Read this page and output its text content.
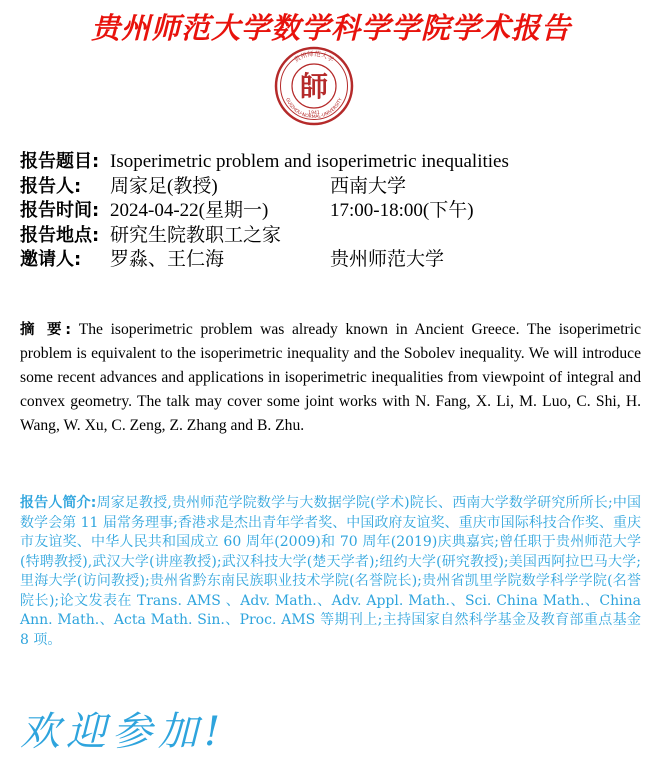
贵州师范大学数学科学学院学术报告
贵州师范大学
GUIZHOU·NORMAL·UNIVERSITY
師
1941
报告题目: Isoperimetric problem and isoperimetric inequalities
报告人: 周家足(教授)	西南大学
报告时间: 2024-04-22(星期一)	17:00-18:00(下午)
报告地点: 研究生院教职工之家
邀请人: 罗淼、王仁海	贵州师范大学
摘 要: The isoperimetric problem was already known in Ancient Greece. The isoperimetric problem is equivalent to the isoperimetric inequality and the Sobolev inequality. We will introduce some recent advances and applications in isoperimetric inequalities from viewpoint of integral and convex geometry. The talk may cover some joint works with N. Fang, X. Li, M. Luo, C. Shi, H. Wang, W. Xu, C. Zeng, Z. Zhang and B. Zhu.
报告人简介:周家足教授,贵州师范学院数学与大数据学院(学术)院长、西南大学数学研究所所长;中国数学会第 11 届常务理事;香港求是杰出青年学者奖、中国政府友谊奖、重庆市国际科技合作奖、重庆市友谊奖、中华人民共和国成立 60 周年(2009)和 70 周年(2019)庆典嘉宾;曾任职于贵州师范大学(特聘教授),武汉大学(讲座教授);武汉科技大学(楚天学者);纽约大学(研究教授);美国西阿拉巴马大学;里海大学(访问教授);贵州省黔东南民族职业技术学院(名誉院长);贵州省凯里学院数学科学学院(名誉院长);论文发表在 Trans. AMS 、Adv. Math.、Adv. Appl. Math.、Sci. China Math.、China Ann. Math.、Acta Math. Sin.、Proc. AMS 等期刊上;主持国家自然科学基金及教育部重点基金 8 项。
欢迎参加!
